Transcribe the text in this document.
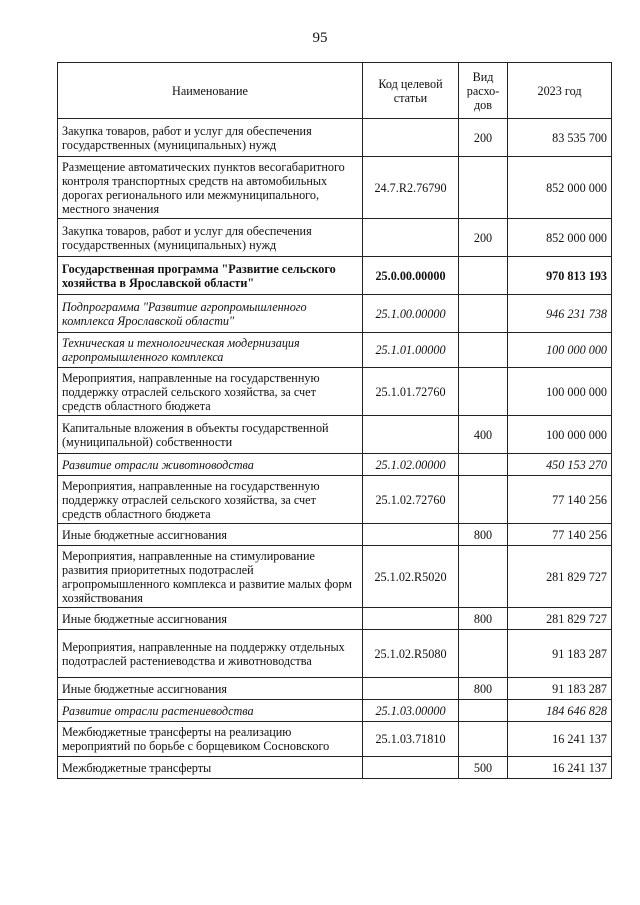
95
Наименование	Код целевой статьи	Вид расхо-дов	2023 год
Закупка товаров, работ и услуг для обеспечения государственных (муниципальных) нужд		200	83 535 700
Размещение автоматических пунктов весогабаритного контроля транспортных средств на автомобильных дорогах регионального или межмуниципального, местного значения	24.7.R2.76790		852 000 000
Закупка товаров, работ и услуг для обеспечения государственных (муниципальных) нужд		200	852 000 000
Государственная программа "Развитие сельского хозяйства в Ярославской области"	25.0.00.00000		970 813 193
Подпрограмма "Развитие агропромышленного комплекса Ярославской области"	25.1.00.00000		946 231 738
Техническая и технологическая модернизация агропромышленного комплекса	25.1.01.00000		100 000 000
Мероприятия, направленные на государственную поддержку отраслей сельского хозяйства, за счет средств областного бюджета	25.1.01.72760		100 000 000
Капитальные вложения в объекты государственной (муниципальной) собственности		400	100 000 000
Развитие отрасли животноводства	25.1.02.00000		450 153 270
Мероприятия, направленные на государственную поддержку отраслей сельского хозяйства, за счет средств областного бюджета	25.1.02.72760		77 140 256
Иные бюджетные ассигнования		800	77 140 256
Мероприятия, направленные на стимулирование развития приоритетных подотраслей агропромышленного комплекса и развитие малых форм хозяйствования	25.1.02.R5020		281 829 727
Иные бюджетные ассигнования		800	281 829 727
Мероприятия, направленные на поддержку отдельных подотраслей растениеводства и животноводства	25.1.02.R5080		91 183 287
Иные бюджетные ассигнования		800	91 183 287
Развитие отрасли растениеводства	25.1.03.00000		184 646 828
Межбюджетные трансферты на реализацию мероприятий по борьбе с борщевиком Сосновского	25.1.03.71810		16 241 137
Межбюджетные трансферты		500	16 241 137
